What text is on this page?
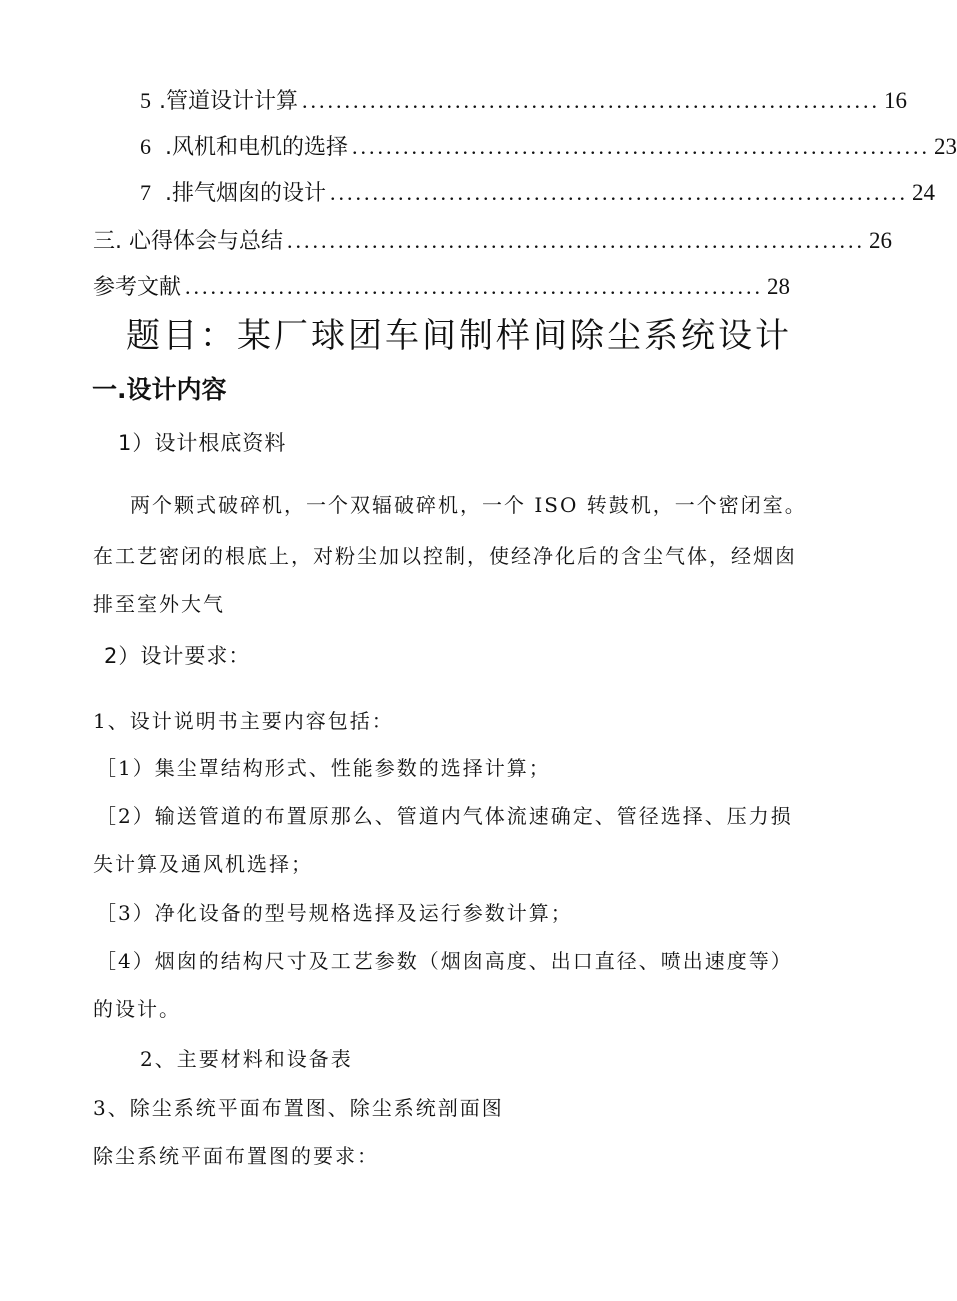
5 .管道设计计算 .................................................................... 16
6 .风机和电机的选择 .................................................................... 23
7 .排气烟囱的设计 .................................................................... 24
三 . 心得体会与总结 .................................................................... 26
参考文献 .................................................................... 28
题目：某厂球团车间制样间除尘系统设计
一.设计内容
1）设计根底资料
两个颗式破碎机，一个双辐破碎机，一个 ISO 转鼓机，一个密闭室。
在工艺密闭的根底上，对粉尘加以控制，使经净化后的含尘气体，经烟囱
排至室外大气
2）设计要求：
1、设计说明书主要内容包括：
［1）集尘罩结构形式、性能参数的选择计算；
［2）输送管道的布置原那么、管道内气体流速确定、管径选择、压力损
失计算及通风机选择；
［3）净化设备的型号规格选择及运行参数计算；
［4）烟囱的结构尺寸及工艺参数（烟囱高度、出口直径、喷出速度等）
的设计。
2、主要材料和设备表
3、除尘系统平面布置图、除尘系统剖面图
除尘系统平面布置图的要求：
